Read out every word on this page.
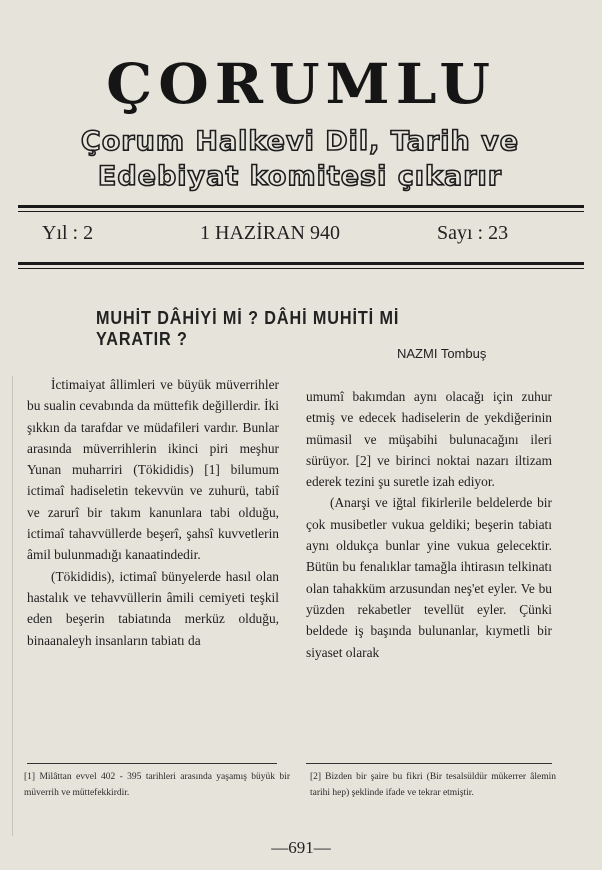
ÇORUMLU
Çorum Halkevi Dil, Tarih ve
Edebiyat komitesi çıkarır
Yıl : 2	1 HAZİRAN 940	Sayı : 23
MUHİT DÂHİYİ Mİ ? DÂHİ MUHİTİ Mİ YARATIR ?
NAZMI Tombuş

İctimaiyat âllimleri ve büyük müverrihler bu sualin cevabında da müttefik değillerdir. İki şıkkın da tarafdar ve müdafileri vardır. Bunlar arasında müverrihlerin ikinci piri meşhur Yunan muharriri (Tökididis) [1] bilumum ictimaî hadiseletin tekevvün ve zuhurü, tabiî ve zarurî bir takım kanunlara tabi olduğu, ictimaî tahavvüllerde beşerî, şahsî kuvvetlerin âmil bulunmadığı kanaatindedir.

(Tökididis), ictimaî bünyelerde hasıl olan hastalık ve tehavvüllerin âmili cemiyeti teşkil eden beşerin tabiatında merküz olduğu, binaanaleyh insanların tabiatı da

umumî bakımdan aynı olacağı için zuhur etmiş ve edecek hadiselerin de yekdiğerinin mümasil ve müşabihi bulunacağını ileri sürüyor. [2] ve birinci noktai nazarı iltizam ederek tezini şu suretle izah ediyor.

(Anarşi ve iğtal fikirlerile beldelerde bir çok musibetler vukua geldiki; beşerin tabiatı aynı oldukça bunlar yine vukua gelecektir. Bütün bu fenalıklar tamağla ihtirasın telkinatı olan tahakküm arzusundan neş'et eyler. Ve bu yüzden rekabetler tevellüt eyler. Çünki beldede iş başında bulunanlar, kıymetli bir siyaset olarak

[1] Milâttan evvel 402 - 395 tarihleri arasında yaşamış büyük bir müverrih ve müttefekkirdir.
[2] Bizden bir şaire bu fikri (Bir tesalsüldür mükerrer âlemin tarihi hep) şeklinde ifade ve tekrar etmiştir.
—691—
